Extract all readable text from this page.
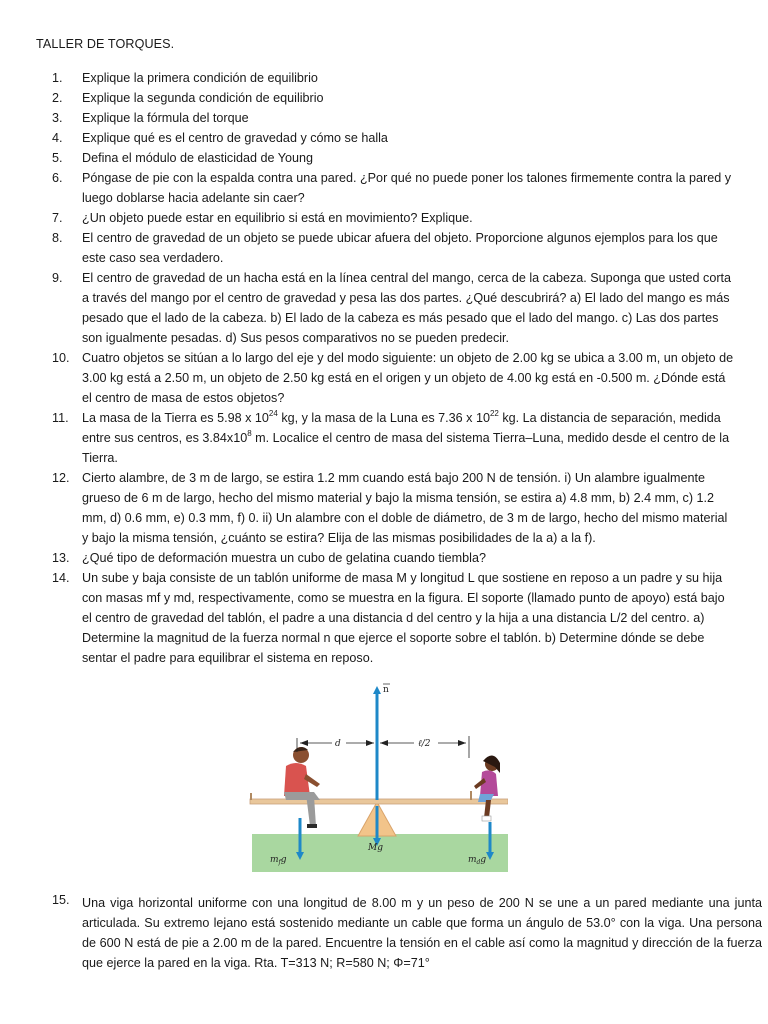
TALLER DE TORQUES.
1.	Explique la primera condición de equilibrio
2.	Explique la segunda condición de equilibrio
3.	Explique la fórmula del torque
4.	Explique qué es el centro de gravedad y cómo se halla
5.	Defina el módulo de elasticidad de Young
6.	Póngase de pie con la espalda contra una pared. ¿Por qué no puede poner los talones firmemente contra la pared y luego doblarse hacia adelante sin caer?
7.	¿Un objeto puede estar en equilibrio si está en movimiento? Explique.
8.	El centro de gravedad de un objeto se puede ubicar afuera del objeto. Proporcione algunos ejemplos para los que este caso sea verdadero.
9.	El centro de gravedad de un hacha está en la línea central del mango, cerca de la cabeza. Suponga que usted corta a través del mango por el centro de gravedad y pesa las dos partes. ¿Qué descubrirá? a) El lado del mango es más pesado que el lado de la cabeza. b) El lado de la cabeza es más pesado que el lado del mango. c) Las dos partes son igualmente pesadas. d) Sus pesos comparativos no se pueden predecir.
10. Cuatro objetos se sitúan a lo largo del eje y del modo siguiente: un objeto de 2.00 kg se ubica a 3.00 m, un objeto de 3.00 kg está a 2.50 m, un objeto de 2.50 kg está en el origen y un objeto de 4.00 kg está en -0.500 m. ¿Dónde está el centro de masa de estos objetos?
11.	La masa de la Tierra es 5.98 x $10^{24}$ kg, y la masa de la Luna es 7.36 x $10^{22}$ kg. La distancia de separación, medida entre sus centros, es $3.84x10^8$ m. Localice el centro de masa del sistema Tierra–Luna, medido desde el centro de la Tierra.
12. Cierto alambre, de 3 m de largo, se estira 1.2 mm cuando está bajo 200 N de tensión. i) Un alambre igualmente grueso de 6 m de largo, hecho del mismo material y bajo la misma tensión, se estira a) 4.8 mm, b) 2.4 mm, c) 1.2 mm, d) 0.6 mm, e) 0.3 mm, f) 0. ii) Un alambre con el doble de diámetro, de 3 m de largo, hecho del mismo material y bajo la misma tensión, ¿cuánto se estira? Elija de las mismas posibilidades de la a) a la f).
13. ¿Qué tipo de deformación muestra un cubo de gelatina cuando tiembla?
14. Un sube y baja consiste de un tablón uniforme de masa M y longitud L que sostiene en reposo a un padre y su hija con masas mf y md, respectivamente, como se muestra en la figura. El soporte (llamado punto de apoyo) está bajo el centro de gravedad del tablón, el padre a una distancia d del centro y la hija a una distancia L/2 del centro. a) Determine la magnitud de la fuerza normal n que ejerce el soporte sobre el tablón. b) Determine dónde se debe sentar el padre para equilibrar el sistema en reposo.
n
d	ℓ/2
Mg
$m_fg$	$m_dg$
15. Una viga horizontal uniforme con una longitud de 8.00 m y un peso de 200 N se une a un pared mediante una junta articulada. Su extremo lejano está sostenido mediante un cable que forma un ángulo de 53.0° con la viga. Una persona de 600 N está de pie a 2.00 m de la pared. Encuentre la tensión en el cable así como la magnitud y dirección de la fuerza que ejerce la pared en la viga. Rta. T=313 N; R=580 N; Φ=71°
